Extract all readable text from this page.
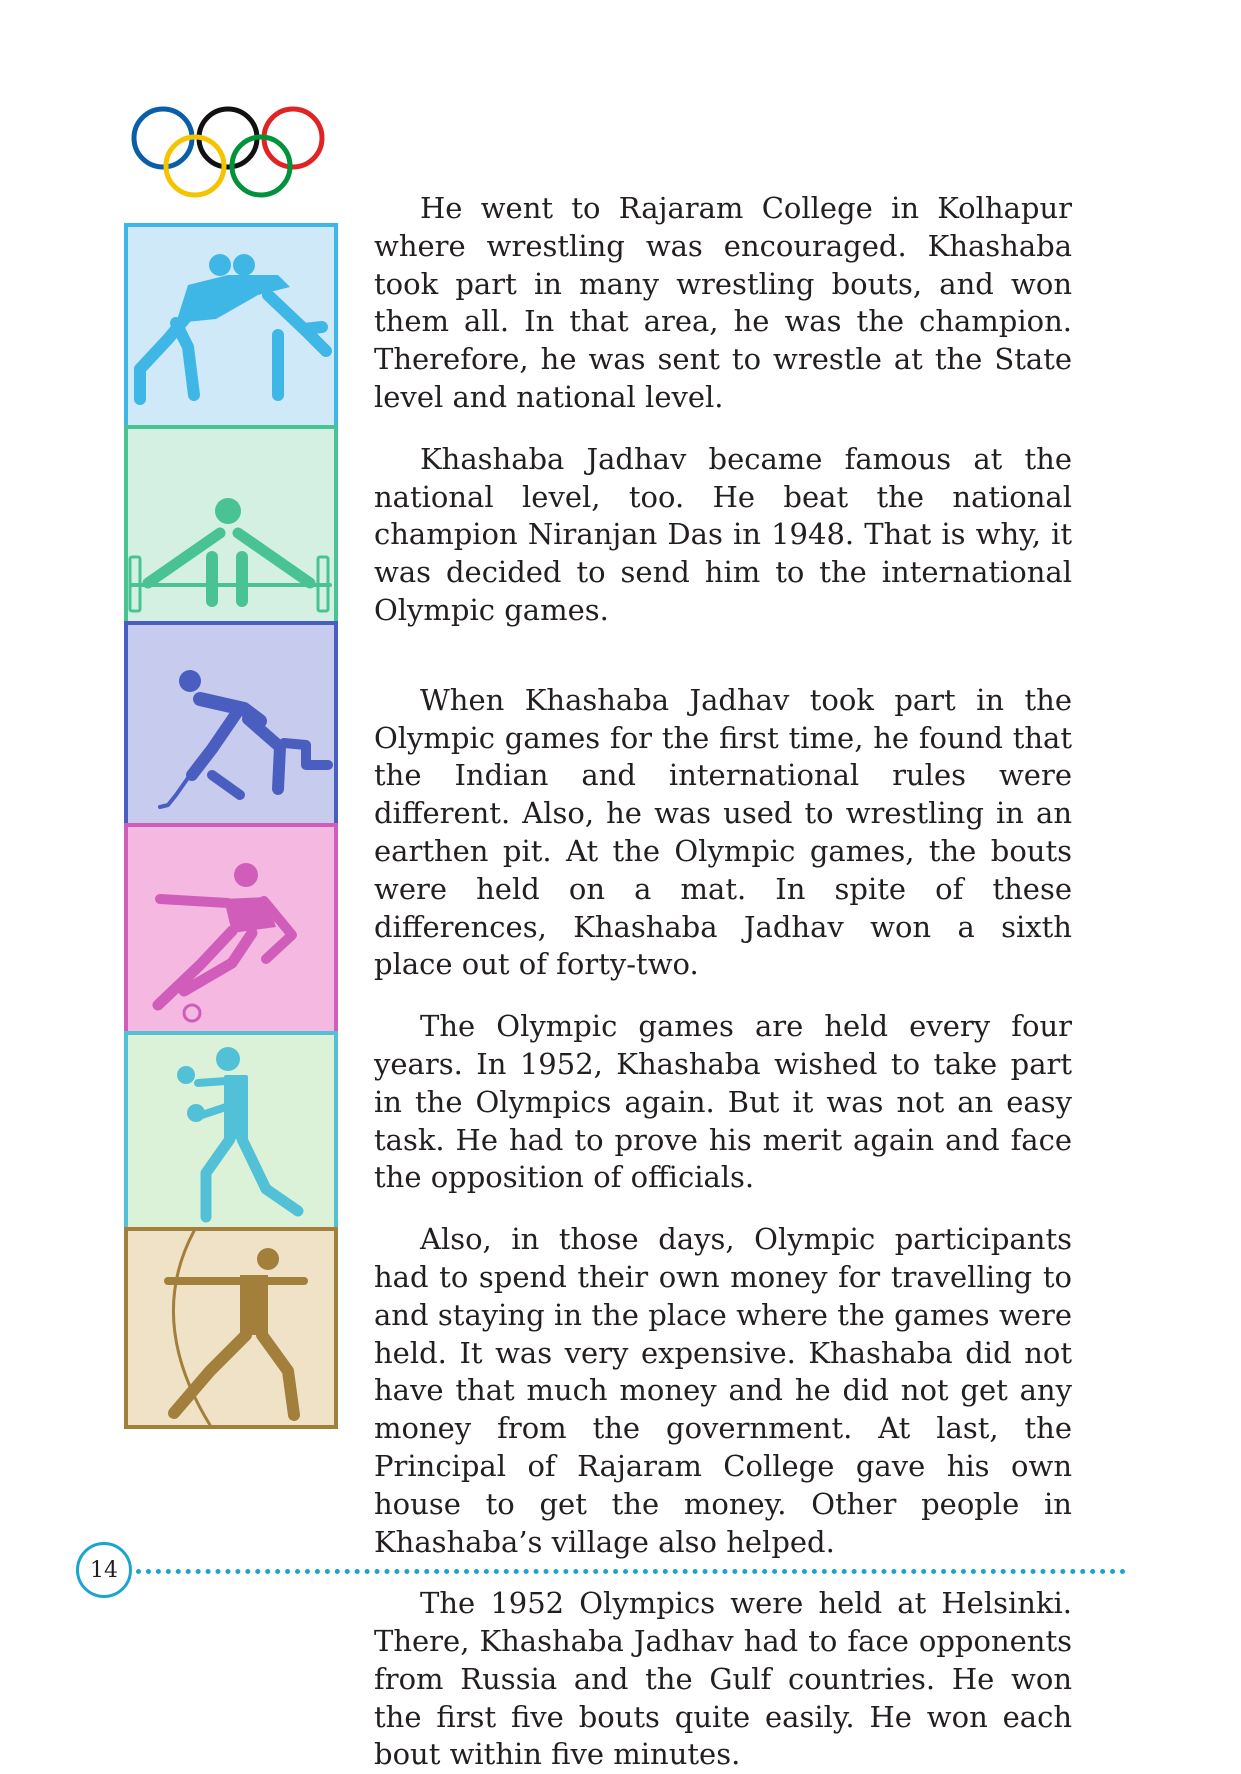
He went to Rajaram College in Kolhapur where wrestling was encouraged. Khashaba took part in many wrestling bouts, and won them all. In that area, he was the champion. Therefore, he was sent to wrestle at the State level and national level.

Khashaba Jadhav became famous at the national level, too. He beat the national champion Niranjan Das in 1948. That is why, it was decided to send him to the international Olympic games.

When Khashaba Jadhav took part in the Olympic games for the first time, he found that the Indian and international rules were different. Also, he was used to wrestling in an earthen pit. At the Olympic games, the bouts were held on a mat. In spite of these differences, Khashaba Jadhav won a sixth place out of forty-two.

The Olympic games are held every four years. In 1952, Khashaba wished to take part in the Olympics again. But it was not an easy task. He had to prove his merit again and face the opposition of officials.

Also, in those days, Olympic participants had to spend their own money for travelling to and staying in the place where the games were held. It was very expensive. Khashaba did not have that much money and he did not get any money from the government. At last, the Principal of Rajaram College gave his own house to get the money. Other people in Khashaba’s village also helped.

The 1952 Olympics were held at Helsinki. There, Khashaba Jadhav had to face opponents from Russia and the Gulf countries. He won the first five bouts quite easily. He won each bout within five minutes.

14
